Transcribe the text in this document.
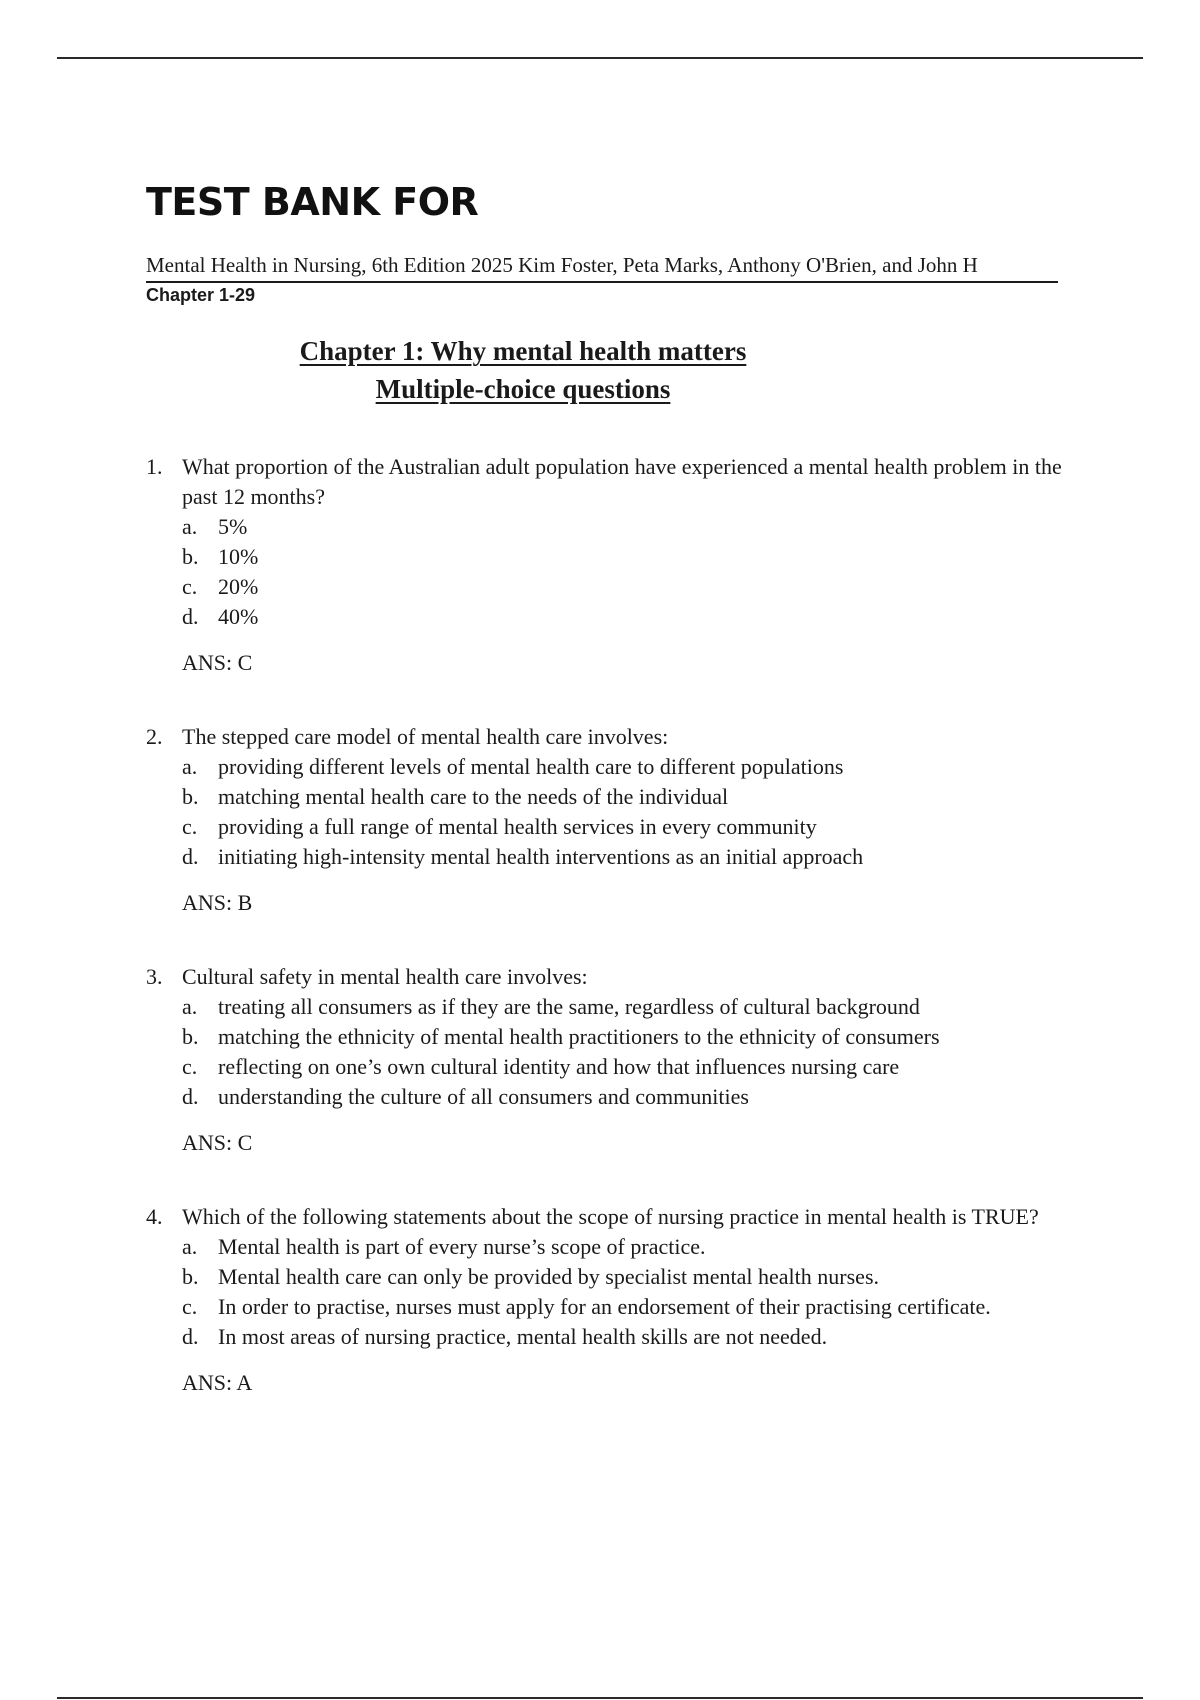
TEST BANK FOR
Mental Health in Nursing, 6th Edition 2025 Kim Foster, Peta Marks, Anthony O'Brien, and John H
Chapter 1-29
Chapter 1: Why mental health matters
Multiple-choice questions
1. What proportion of the Australian adult population have experienced a mental health problem in the past 12 months?
a. 5%
b. 10%
c. 20%
d. 40%
ANS: C
2. The stepped care model of mental health care involves:
a. providing different levels of mental health care to different populations
b. matching mental health care to the needs of the individual
c. providing a full range of mental health services in every community
d. initiating high-intensity mental health interventions as an initial approach
ANS: B
3. Cultural safety in mental health care involves:
a. treating all consumers as if they are the same, regardless of cultural background
b. matching the ethnicity of mental health practitioners to the ethnicity of consumers
c. reflecting on one’s own cultural identity and how that influences nursing care
d. understanding the culture of all consumers and communities
ANS: C
4. Which of the following statements about the scope of nursing practice in mental health is TRUE?
a. Mental health is part of every nurse’s scope of practice.
b. Mental health care can only be provided by specialist mental health nurses.
c. In order to practise, nurses must apply for an endorsement of their practising certificate.
d. In most areas of nursing practice, mental health skills are not needed.
ANS: A
